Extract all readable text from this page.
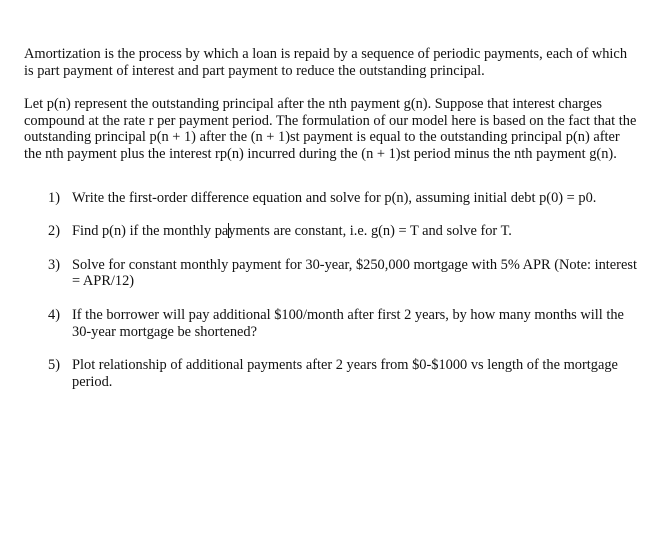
Amortization is the process by which a loan is repaid by a sequence of periodic payments, each of which is part payment of interest and part payment to reduce the outstanding principal.

Let p(n) represent the outstanding principal after the nth payment g(n). Suppose that interest charges compound at the rate r per payment period. The formulation of our model here is based on the fact that the outstanding principal p(n + 1) after the (n + 1)st payment is equal to the outstanding principal p(n) after the nth payment plus the interest rp(n) incurred during the (n + 1)st period minus the nth payment g(n).

1) Write the first-order difference equation and solve for p(n), assuming initial debt p(0) = p0.
2) Find p(n) if the monthly payments are constant, i.e. g(n) = T and solve for T.
3) Solve for constant monthly payment for 30-year, $250,000 mortgage with 5% APR (Note: interest = APR/12)
4) If the borrower will pay additional $100/month after first 2 years, by how many months will the 30-year mortgage be shortened?
5) Plot relationship of additional payments after 2 years from $0-$1000 vs length of the mortgage period.
